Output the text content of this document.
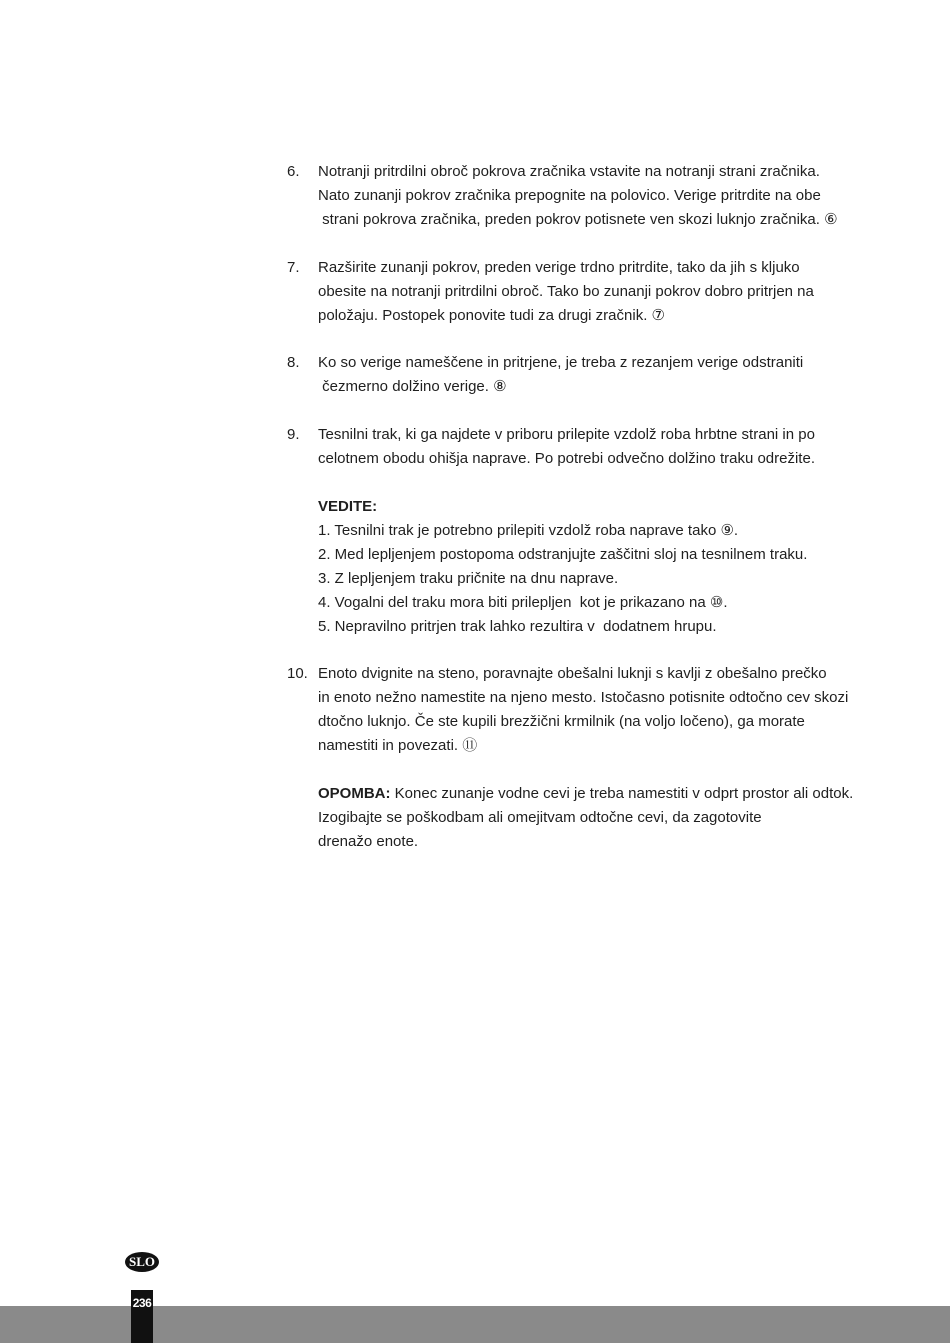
6. Notranji pritrdilni obroč pokrova zračnika vstavite na notranji strani zračnika.
Nato zunanji pokrov zračnika prepognite na polovico. Verige pritrdite na obe
strani pokrova zračnika, preden pokrov potisnete ven skozi luknjo zračnika. ⑥
7. Razširite zunanji pokrov, preden verige trdno pritrdite, tako da jih s kljuko
obesite na notranji pritrdilni obroč. Tako bo zunanji pokrov dobro pritrjen na
položaju. Postopek ponovite tudi za drugi zračnik. ⑦
8. Ko so verige nameščene in pritrjene, je treba z rezanjem verige odstraniti
čezmerno dolžino verige. ⑧
9. Tesnilni trak, ki ga najdete v priboru prilepite vzdolž roba hrbtne strani in po
celotnem obodu ohišja naprave. Po potrebi odvečno dolžino traku odrežite.
VEDITE:
1. Tesnilni trak je potrebno prilepiti vzdolž roba naprave tako ⑨.
2. Med lepljenjem postopoma odstranjujte zaščitni sloj na tesnilnem traku.
3. Z lepljenjem traku pričnite na dnu naprave.
4. Vogalni del traku mora biti prilepljen  kot je prikazano na ⑩.
5. Nepravilno pritrjen trak lahko rezultira v  dodatnem hrupu.
10. Enoto dvignite na steno, poravnajte obešalni luknji s kavlji z obešalno prečko
in enoto nežno namestite na njeno mesto. Istočasno potisnite odtočno cev skozi
dtočno luknjo. Če ste kupili brezžični krmilnik (na voljo ločeno), ga morate
namestiti in povezati. ⑪
OPOMBA: Konec zunanje vodne cevi je treba namestiti v odprt prostor ali odtok.
Izogibajte se poškodbam ali omejitvam odtočne cevi, da zagotovite
drenažo enote.
SLO
236
